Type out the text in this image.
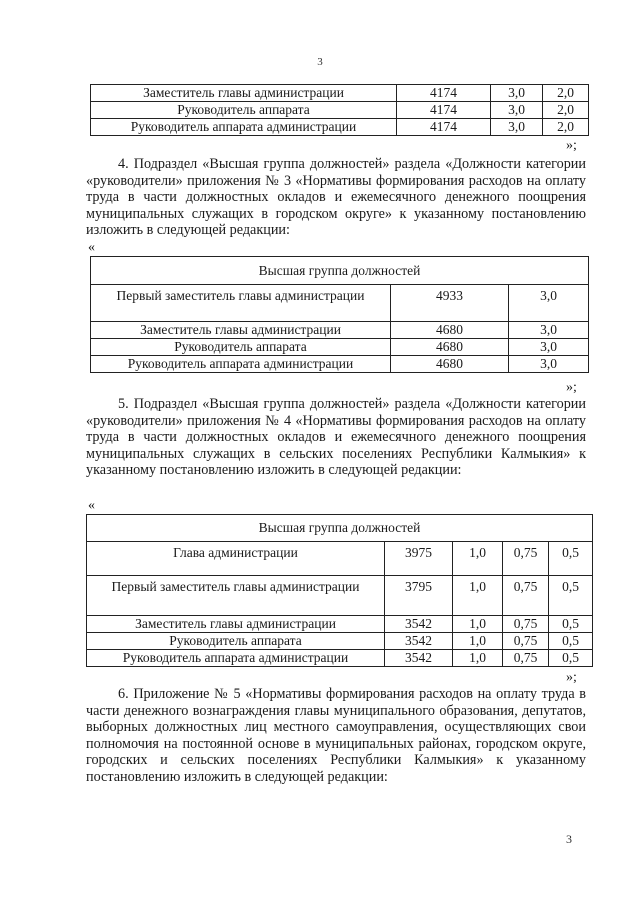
3
Заместитель главы администрации	4174	3,0	2,0
Руководитель аппарата	4174	3,0	2,0
Руководитель аппарата администрации	4174	3,0	2,0
»;
4. Подраздел «Высшая группа должностей» раздела «Должности категории «руководители» приложения № 3 «Нормативы формирования расходов на оплату труда в части должностных окладов и ежемесячного денежного поощрения муниципальных служащих в городском округе» к указанному постановлению изложить в следующей редакции:
«
Высшая группа должностей		
Первый заместитель главы администрации	4933	3,0
Заместитель главы администрации	4680	3,0
Руководитель аппарата	4680	3,0
Руководитель аппарата администрации	4680	3,0
»;
5. Подраздел «Высшая группа должностей» раздела «Должности категории «руководители» приложения № 4 «Нормативы формирования расходов на оплату труда в части должностных окладов и ежемесячного денежного поощрения муниципальных служащих в сельских поселениях Республики Калмыкия» к указанному постановлению изложить в следующей редакции:
«
Высшая группа должностей				
Глава администрации	3975	1,0	0,75	0,5
Первый заместитель главы администрации	3795	1,0	0,75	0,5
Заместитель главы администрации	3542	1,0	0,75	0,5
Руководитель аппарата	3542	1,0	0,75	0,5
Руководитель аппарата администрации	3542	1,0	0,75	0,5
»;
6. Приложение № 5 «Нормативы формирования расходов на оплату труда в части денежного вознаграждения главы муниципального образования, депутатов, выборных должностных лиц местного самоуправления, осуществляющих свои полномочия на постоянной основе в муниципальных районах, городском округе, городских и сельских поселениях Республики Калмыкия» к указанному постановлению изложить в следующей редакции:
3
